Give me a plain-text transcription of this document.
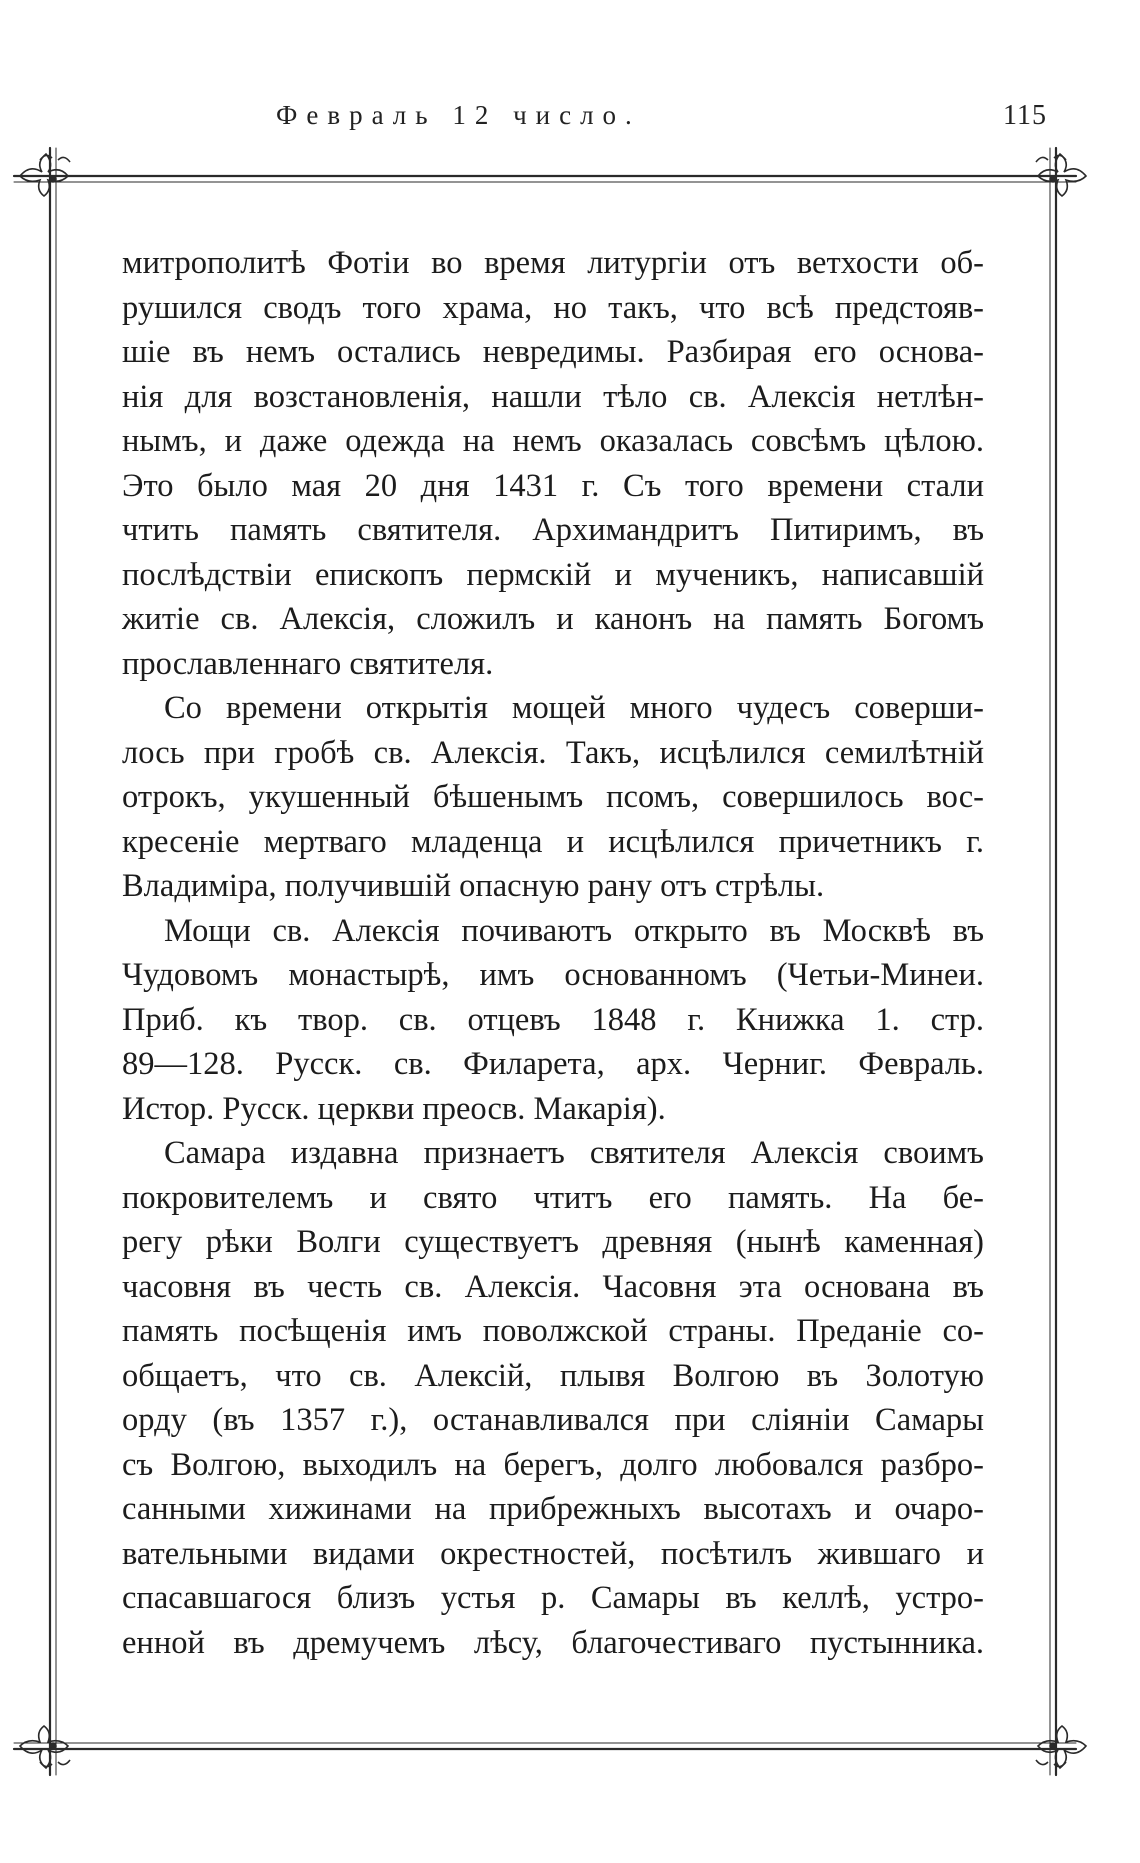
Февраль 12 число.	115
митрополитѣ Фотіи во время литургіи отъ ветхости об-
рушился сводъ того храма, но такъ, что всѣ предстояв-
шіе въ немъ остались невредимы. Разбирая его основа-
нія для возстановленія, нашли тѣло св. Алексія нетлѣн-
нымъ, и даже одежда на немъ оказалась совсѣмъ цѣлою.
Это было мая 20 дня 1431 г. Съ того времени стали
чтить память святителя. Архимандритъ Питиримъ, въ
послѣдствіи епископъ пермскій и мученикъ, написавшій
житіе св. Алексія, сложилъ и канонъ на память Богомъ
прославленнаго святителя.
Со времени открытія мощей много чудесъ соверши-
лось при гробѣ св. Алексія. Такъ, исцѣлился семилѣтній
отрокъ, укушенный бѣшенымъ псомъ, совершилось вос-
кресеніе мертваго младенца и исцѣлился причетникъ г.
Владиміра, получившій опасную рану отъ стрѣлы.
Мощи св. Алексія почиваютъ открыто въ Москвѣ въ
Чудовомъ монастырѣ, имъ основанномъ (Четьи-Минеи.
Приб. къ твор. св. отцевъ 1848 г. Книжка 1. стр.
89—128. Русск. св. Филарета, арх. Черниг. Февраль.
Истор. Русск. церкви преосв. Макарія).
Самара издавна признаетъ святителя Алексія своимъ
покровителемъ и свято чтитъ его память. На бе-
регу рѣки Волги существуетъ древняя (нынѣ каменная)
часовня въ честь св. Алексія. Часовня эта основана въ
память посѣщенія имъ поволжской страны. Преданіе со-
общаетъ, что св. Алексій, плывя Волгою въ Золотую
орду (въ 1357 г.), останавливался при сліяніи Самары
съ Волгою, выходилъ на берегъ, долго любовался разбро-
санными хижинами на прибрежныхъ высотахъ и очаро-
вательными видами окрестностей, посѣтилъ жившаго и
спасавшагося близъ устья р. Самары въ келлѣ, устро-
енной въ дремучемъ лѣсу, благочестиваго пустынника.
